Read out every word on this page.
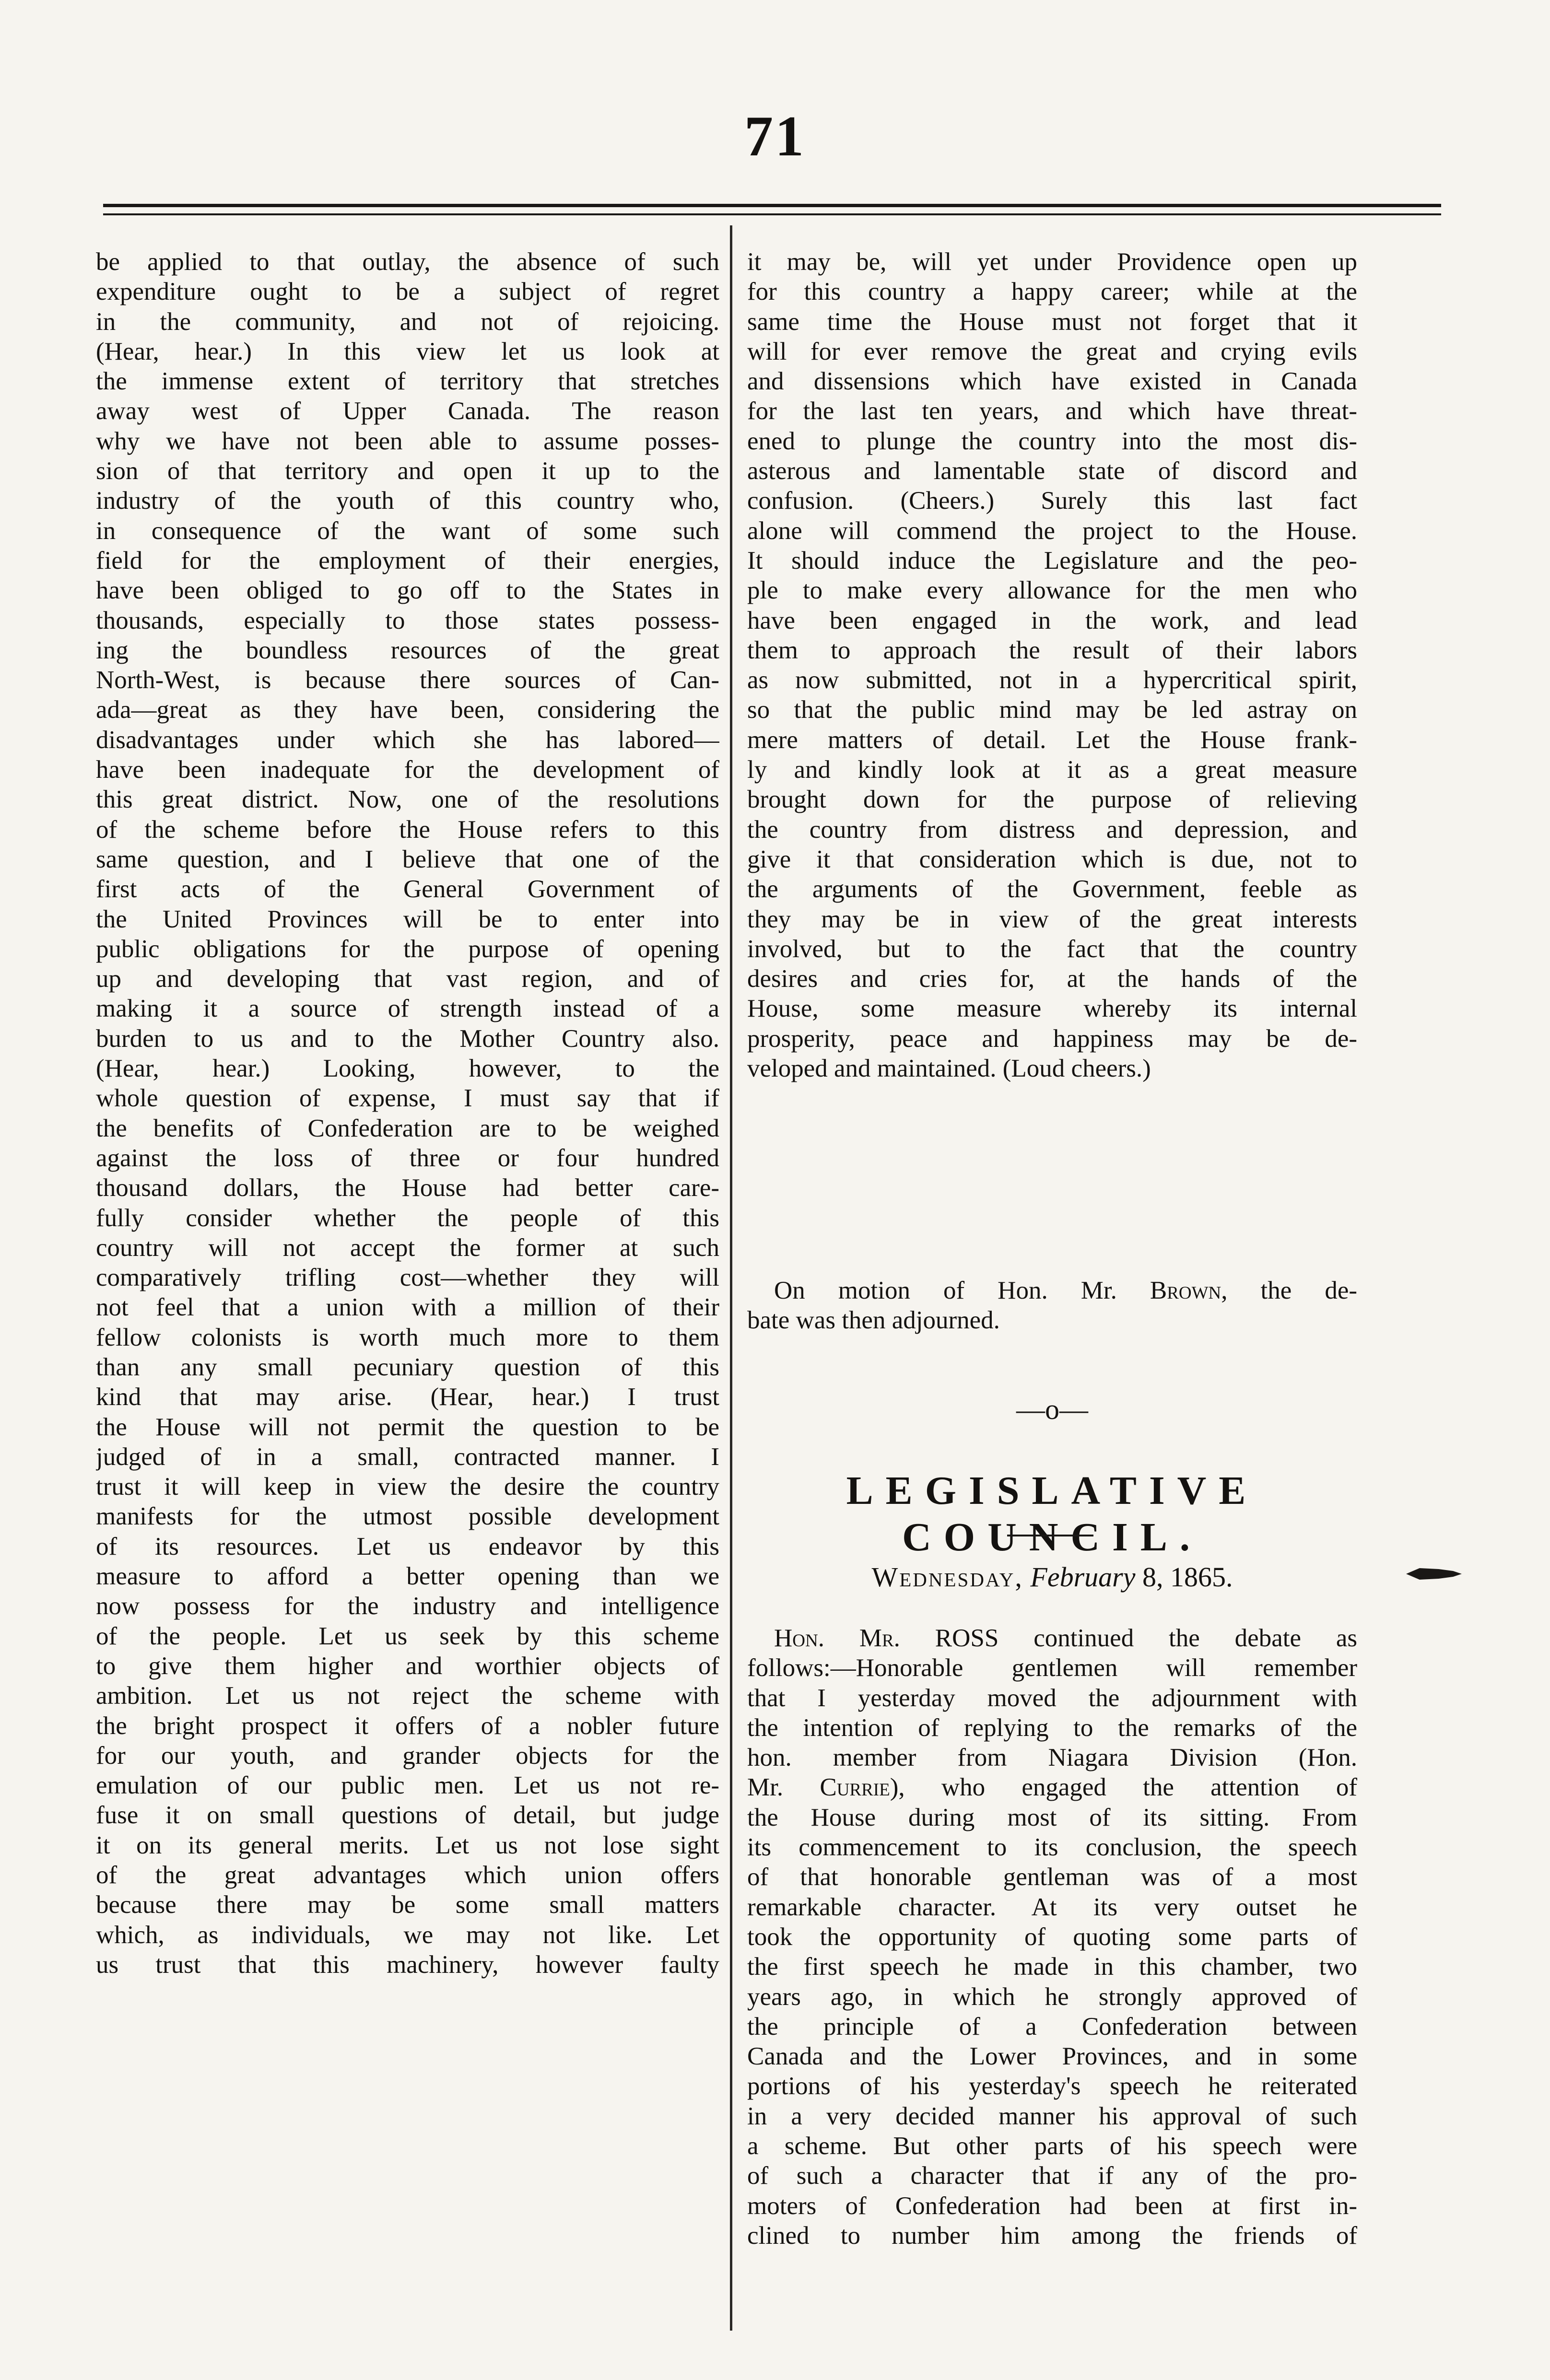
71
be applied to that outlay, the absence of such
expenditure ought to be a subject of regret
in the community, and not of rejoicing.
(Hear, hear.) In this view let us look at
the immense extent of territory that stretches
away west of Upper Canada. The reason
why we have not been able to assume posses-
sion of that territory and open it up to the
industry of the youth of this country who,
in consequence of the want of some such
field for the employment of their energies,
have been obliged to go off to the States in
thousands, especially to those states possess-
ing the boundless resources of the great
North-West, is because there sources of Can-
ada—great as they have been, considering the
disadvantages under which she has labored—
have been inadequate for the development of
this great district. Now, one of the resolutions
of the scheme before the House refers to this
same question, and I believe that one of the
first acts of the General Government of
the United Provinces will be to enter into
public obligations for the purpose of opening
up and developing that vast region, and of
making it a source of strength instead of a
burden to us and to the Mother Country also.
(Hear, hear.) Looking, however, to the
whole question of expense, I must say that if
the benefits of Confederation are to be weighed
against the loss of three or four hundred
thousand dollars, the House had better care-
fully consider whether the people of this
country will not accept the former at such
comparatively trifling cost—whether they will
not feel that a union with a million of their
fellow colonists is worth much more to them
than any small pecuniary question of this
kind that may arise. (Hear, hear.) I trust
the House will not permit the question to be
judged of in a small, contracted manner. I
trust it will keep in view the desire the country
manifests for the utmost possible development
of its resources. Let us endeavor by this
measure to afford a better opening than we
now possess for the industry and intelligence
of the people. Let us seek by this scheme
to give them higher and worthier objects of
ambition. Let us not reject the scheme with
the bright prospect it offers of a nobler future
for our youth, and grander objects for the
emulation of our public men. Let us not re-
fuse it on small questions of detail, but judge
it on its general merits. Let us not lose sight
of the great advantages which union offers
because there may be some small matters
which, as individuals, we may not like. Let
us trust that this machinery, however faulty
it may be, will yet under Providence open up
for this country a happy career; while at the
same time the House must not forget that it
will for ever remove the great and crying evils
and dissensions which have existed in Canada
for the last ten years, and which have threat-
ened to plunge the country into the most dis-
asterous and lamentable state of discord and
confusion. (Cheers.) Surely this last fact
alone will commend the project to the House.
It should induce the Legislature and the peo-
ple to make every allowance for the men who
have been engaged in the work, and lead
them to approach the result of their labors
as now submitted, not in a hypercritical spirit,
so that the public mind may be led astray on
mere matters of detail. Let the House frank-
ly and kindly look at it as a great measure
brought down for the purpose of relieving
the country from distress and depression, and
give it that consideration which is due, not to
the arguments of the Government, feeble as
they may be in view of the great interests
involved, but to the fact that the country
desires and cries for, at the hands of the
House, some measure whereby its internal
prosperity, peace and happiness may be de-
veloped and maintained. (Loud cheers.)
On motion of Hon. Mr. Brown, the de-
bate was then adjourned.
—o—
LEGISLATIVE COUNCIL.
Wednesday, February 8, 1865.
Hon. Mr. ROSS continued the debate as
follows:—Honorable gentlemen will remember
that I yesterday moved the adjournment with
the intention of replying to the remarks of the
hon. member from Niagara Division (Hon.
Mr. Currie), who engaged the attention of
the House during most of its sitting. From
its commencement to its conclusion, the speech
of that honorable gentleman was of a most
remarkable character. At its very outset he
took the opportunity of quoting some parts of
the first speech he made in this chamber, two
years ago, in which he strongly approved of
the principle of a Confederation between
Canada and the Lower Provinces, and in some
portions of his yesterday's speech he reiterated
in a very decided manner his approval of such
a scheme. But other parts of his speech were
of such a character that if any of the pro-
moters of Confederation had been at first in-
clined to number him among the friends of
